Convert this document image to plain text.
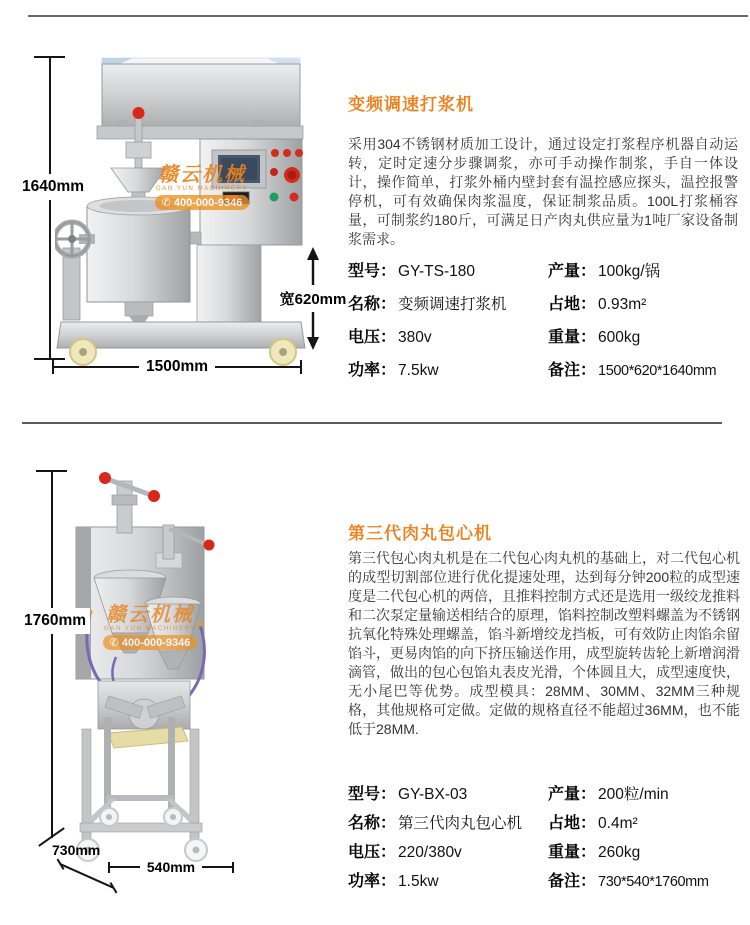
赣云机械
GAN YUN MACHINERY
✆ 400-000-9346
1640mm
1500mm
宽620mm
变频调速打浆机
采用304不锈钢材质加工设计，通过设定打浆程序机器自动运转，定时定速分步骤调浆，亦可手动操作制浆，手自一体设计，操作简单，打浆外桶内壁封套有温控感应探头，温控报警停机，可有效确保肉浆温度，保证制浆品质。100L打浆桶容量，可制浆约180斤，可满足日产肉丸供应量为1吨厂家设备制浆需求。
型号： GY-TS-180
名称： 变频调速打浆机
电压： 380v
功率： 7.5kw
产量： 100kg/锅
占地： 0.93m²
重量： 600kg
备注： 1500*620*1640mm
赣云机械
GAN YUN MACHINERY
✆ 400-000-9346
1760mm
730mm
540mm
第三代肉丸包心机
第三代包心肉丸机是在二代包心肉丸机的基础上，对二代包心机的成型切割部位进行优化提速处理，达到每分钟200粒的成型速度是二代包心机的两倍，且推料控制方式还是选用一级绞龙推料和二次泵定量输送相结合的原理，馅料控制改塑料螺盖为不锈钢抗氧化特殊处理螺盖，馅斗新增绞龙挡板，可有效防止肉馅余留馅斗，更易肉馅的向下挤压输送作用，成型旋转齿轮上新增润滑滴管，做出的包心包馅丸表皮光滑，个体圆且大，成型速度快，无小尾巴等优势。成型模具：28MM、30MM、32MM三种规格，其他规格可定做。定做的规格直径不能超过36MM，也不能低于28MM.
型号： GY-BX-03
名称： 第三代肉丸包心机
电压： 220/380v
功率： 1.5kw
产量： 200粒/min
占地： 0.4m²
重量： 260kg
备注： 730*540*1760mm
